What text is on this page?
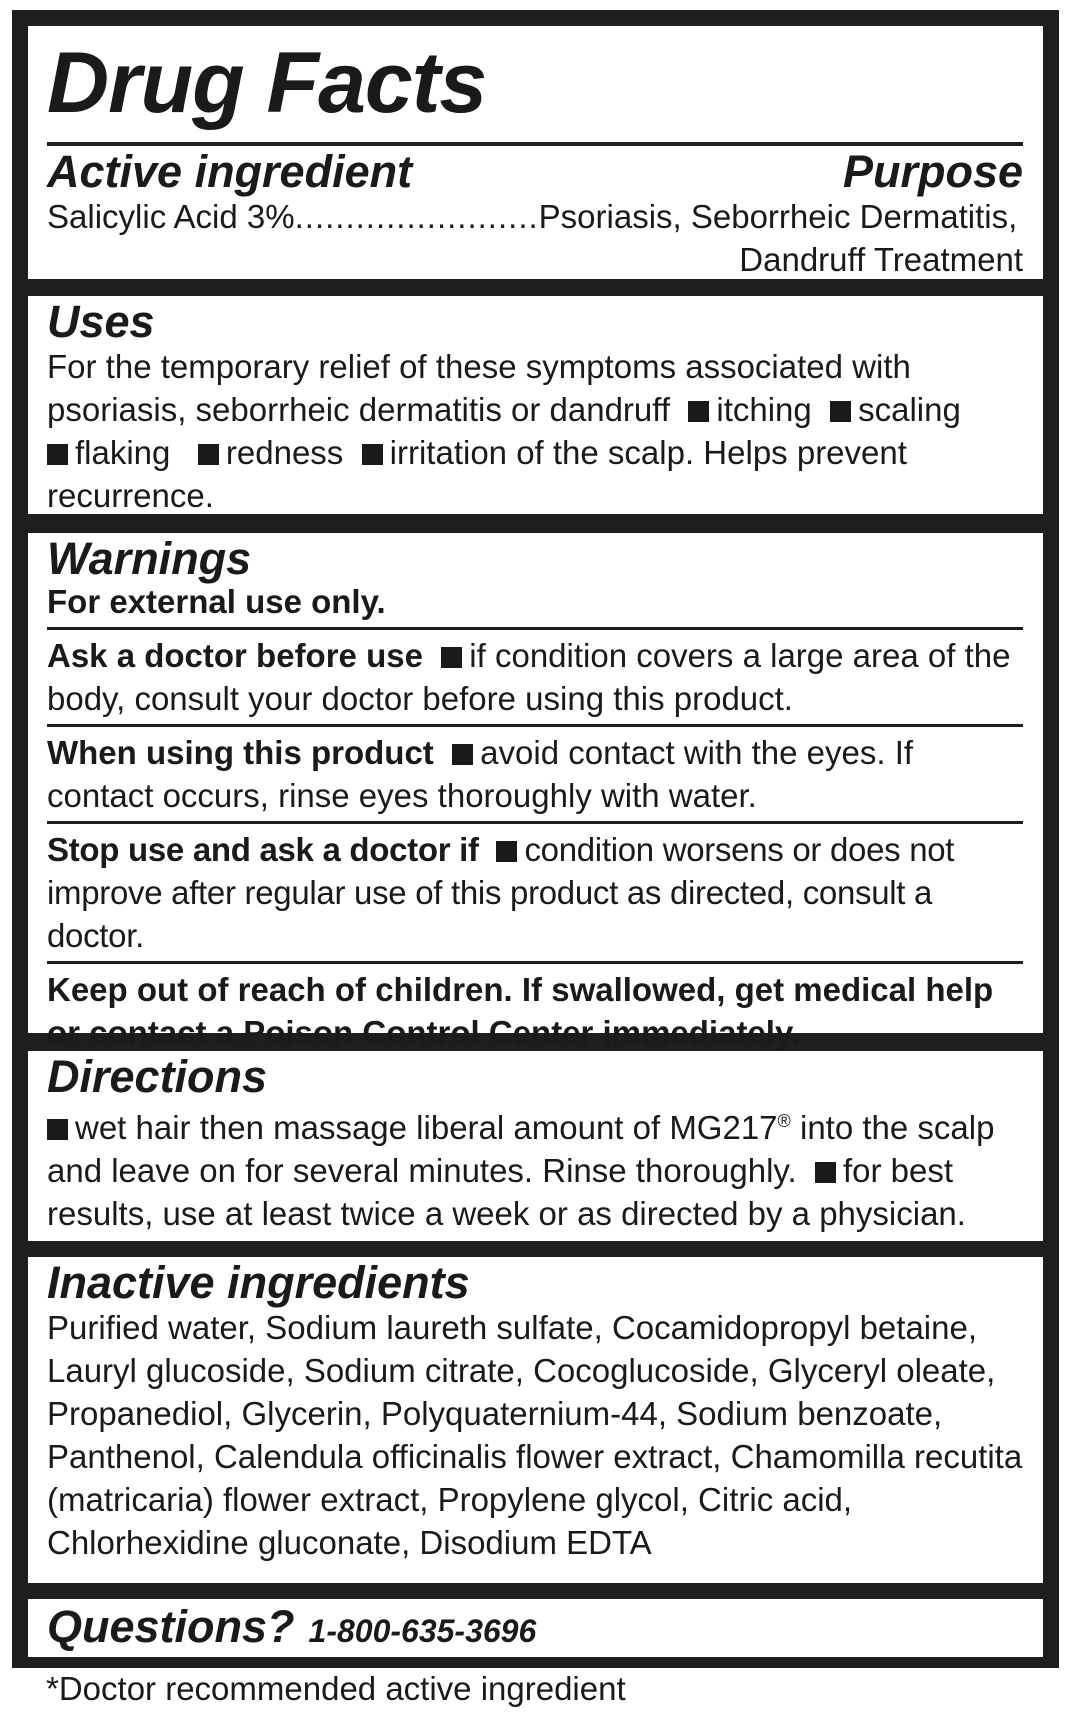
Drug Facts
Active ingredient	Purpose
Salicylic Acid 3%........................Psoriasis, Seborrheic Dermatitis,
Dandruff Treatment
Uses
For the temporary relief of these symptoms associated with psoriasis, seborrheic dermatitis or dandruff itching scaling
flaking redness irritation of the scalp. Helps prevent recurrence.
Warnings
For external use only.
Ask a doctor before use if condition covers a large area of the body, consult your doctor before using this product.
When using this product avoid contact with the eyes. If contact occurs, rinse eyes thoroughly with water.
Stop use and ask a doctor if condition worsens or does not improve after regular use of this product as directed, consult a doctor.
Keep out of reach of children. If swallowed, get medical help or contact a Poison Control Center immediately.
Directions
wet hair then massage liberal amount of MG217® into the scalp and leave on for several minutes. Rinse thoroughly. for best results, use at least twice a week or as directed by a physician.
Inactive ingredients
Purified water, Sodium laureth sulfate, Cocamidopropyl betaine, Lauryl glucoside, Sodium citrate, Cocoglucoside, Glyceryl oleate, Propanediol, Glycerin, Polyquaternium-44, Sodium benzoate, Panthenol, Calendula officinalis flower extract, Chamomilla recutita (matricaria) flower extract, Propylene glycol, Citric acid, Chlorhexidine gluconate, Disodium EDTA
Questions? 1-800-635-3696
*Doctor recommended active ingredient
